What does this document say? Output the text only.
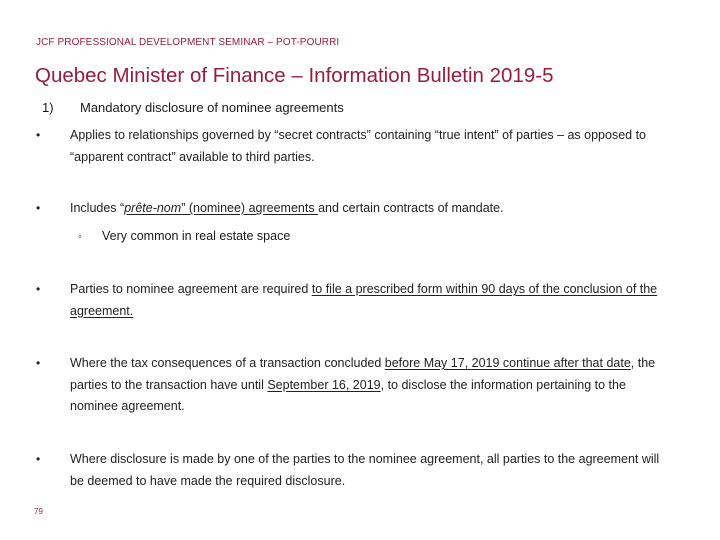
JCF PROFESSIONAL DEVELOPMENT SEMINAR – POT-POURRI
Quebec Minister of Finance – Information Bulletin 2019-5
1) Mandatory disclosure of nominee agreements
•	Applies to relationships governed by “secret contracts” containing “true intent” of parties – as opposed to “apparent contract” available to third parties.
•	Includes “prête-nom” (nominee) agreements and certain contracts of mandate.
◦ Very common in real estate space
•	Parties to nominee agreement are required to file a prescribed form within 90 days of the conclusion of the agreement.
•	Where the tax consequences of a transaction concluded before May 17, 2019 continue after that date, the parties to the transaction have until September 16, 2019, to disclose the information pertaining to the nominee agreement.
•	Where disclosure is made by one of the parties to the nominee agreement, all parties to the agreement will be deemed to have made the required disclosure.
79
